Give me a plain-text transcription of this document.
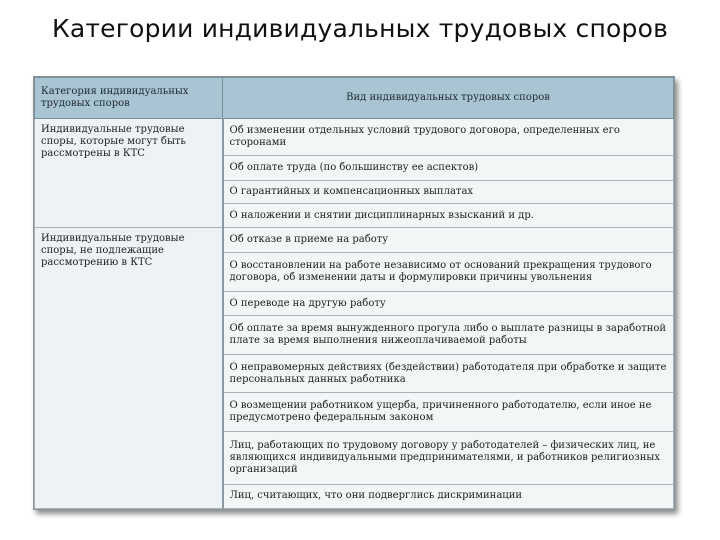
Категории индивидуальных трудовых споров
Категория индивидуальных трудовых споров	Вид индивидуальных трудовых споров
Индивидуальные трудовые споры, которые могут быть рассмотрены в КТС	Об изменении отдельных условий трудового договора, определенных его сторонами
	Об оплате труда (по большинству ее аспектов)
	О гарантийных и компенсационных выплатах
	О наложении и снятии дисциплинарных взысканий и др.
Индивидуальные трудовые споры, не подлежащие рассмотрению в КТС	Об отказе в приеме на работу
	О восстановлении на работе независимо от оснований прекращения трудового договора, об изменении даты и формулировки причины увольнения
	О переводе на другую работу
	Об оплате за время вынужденного прогула либо о выплате разницы в заработной плате за время выполнения нижеоплачиваемой работы
	О неправомерных действиях (бездействии) работодателя при обработке и защите персональных данных работника
	О возмещении работником ущерба, причиненного работодателю, если иное не предусмотрено федеральным законом
	Лиц, работающих по трудовому договору у работодателей – физических лиц, не являющихся индивидуальными предпринимателями, и работников религиозных организаций
	Лиц, считающих, что они подверглись дискриминации
